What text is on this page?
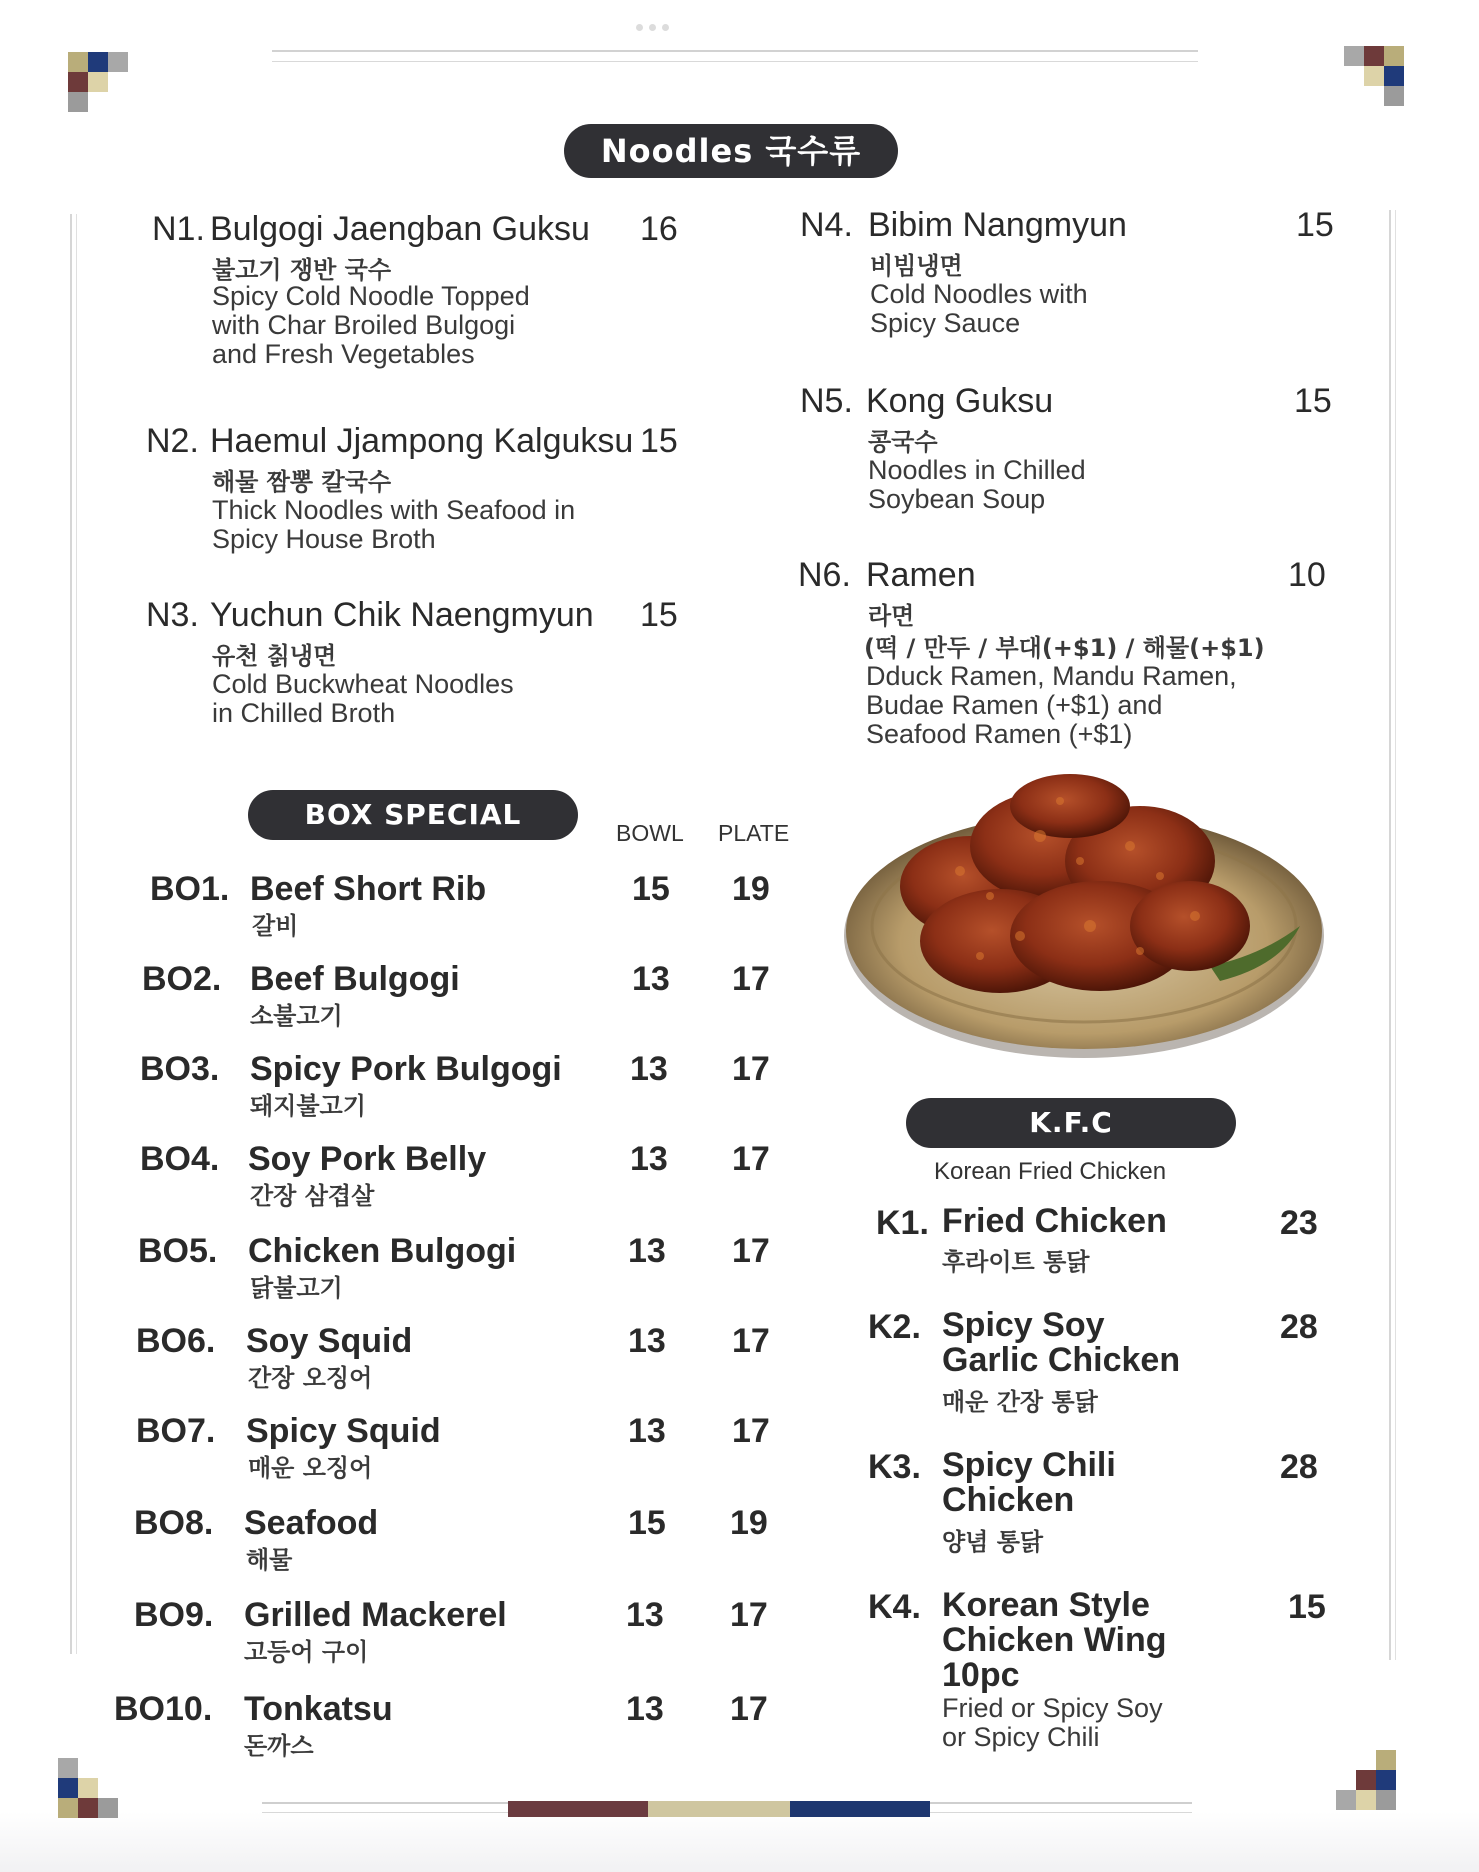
Noodles 국수류
N1. Bulgogi Jaengban Guksu 16
불고기 쟁반 국수
Spicy Cold Noodle Topped
with Char Broiled Bulgogi
and Fresh Vegetables
N2. Haemul Jjampong Kalguksu 15
해물 짬뽕 칼국수
Thick Noodles with Seafood in
Spicy House Broth
N3. Yuchun Chik Naengmyun 15
유천 칡냉면
Cold Buckwheat Noodles
in Chilled Broth
N4. Bibim Nangmyun	15
비빔냉면
Cold Noodles with
Spicy Sauce
N5. Kong Guksu	15
콩국수
Noodles in Chilled
Soybean Soup
N6. Ramen	10
라면
(떡 / 만두 / 부대(+$1) / 해물(+$1)
Dduck Ramen, Mandu Ramen,
Budae Ramen (+$1) and
Seafood Ramen (+$1)
BOX SPECIAL
BOWL PLATE
BO1. Beef Short Rib	15 19
갈비
BO2. Beef Bulgogi	13 17
소불고기
BO3. Spicy Pork Bulgogi 13 17
돼지불고기
BO4. Soy Pork Belly	13 17
간장 삼겹살
BO5. Chicken Bulgogi	13 17
닭불고기
BO6. Soy Squid	13 17
간장 오징어
BO7. Spicy Squid	13 17
매운 오징어
BO8. Seafood	15 19
해물
BO9. Grilled Mackerel	13 17
고등어 구이
BO10. Tonkatsu	13 17
돈까스
K.F.C
Korean Fried Chicken
K1. Fried Chicken	23
후라이트 통닭
K2. Spicy Soy
Garlic Chicken
28
매운 간장 통닭
K3. Spicy Chili
Chicken
28
양념 통닭
K4. Korean Style
Chicken Wing
10pc
15
Fried or Spicy Soy
or Spicy Chili
